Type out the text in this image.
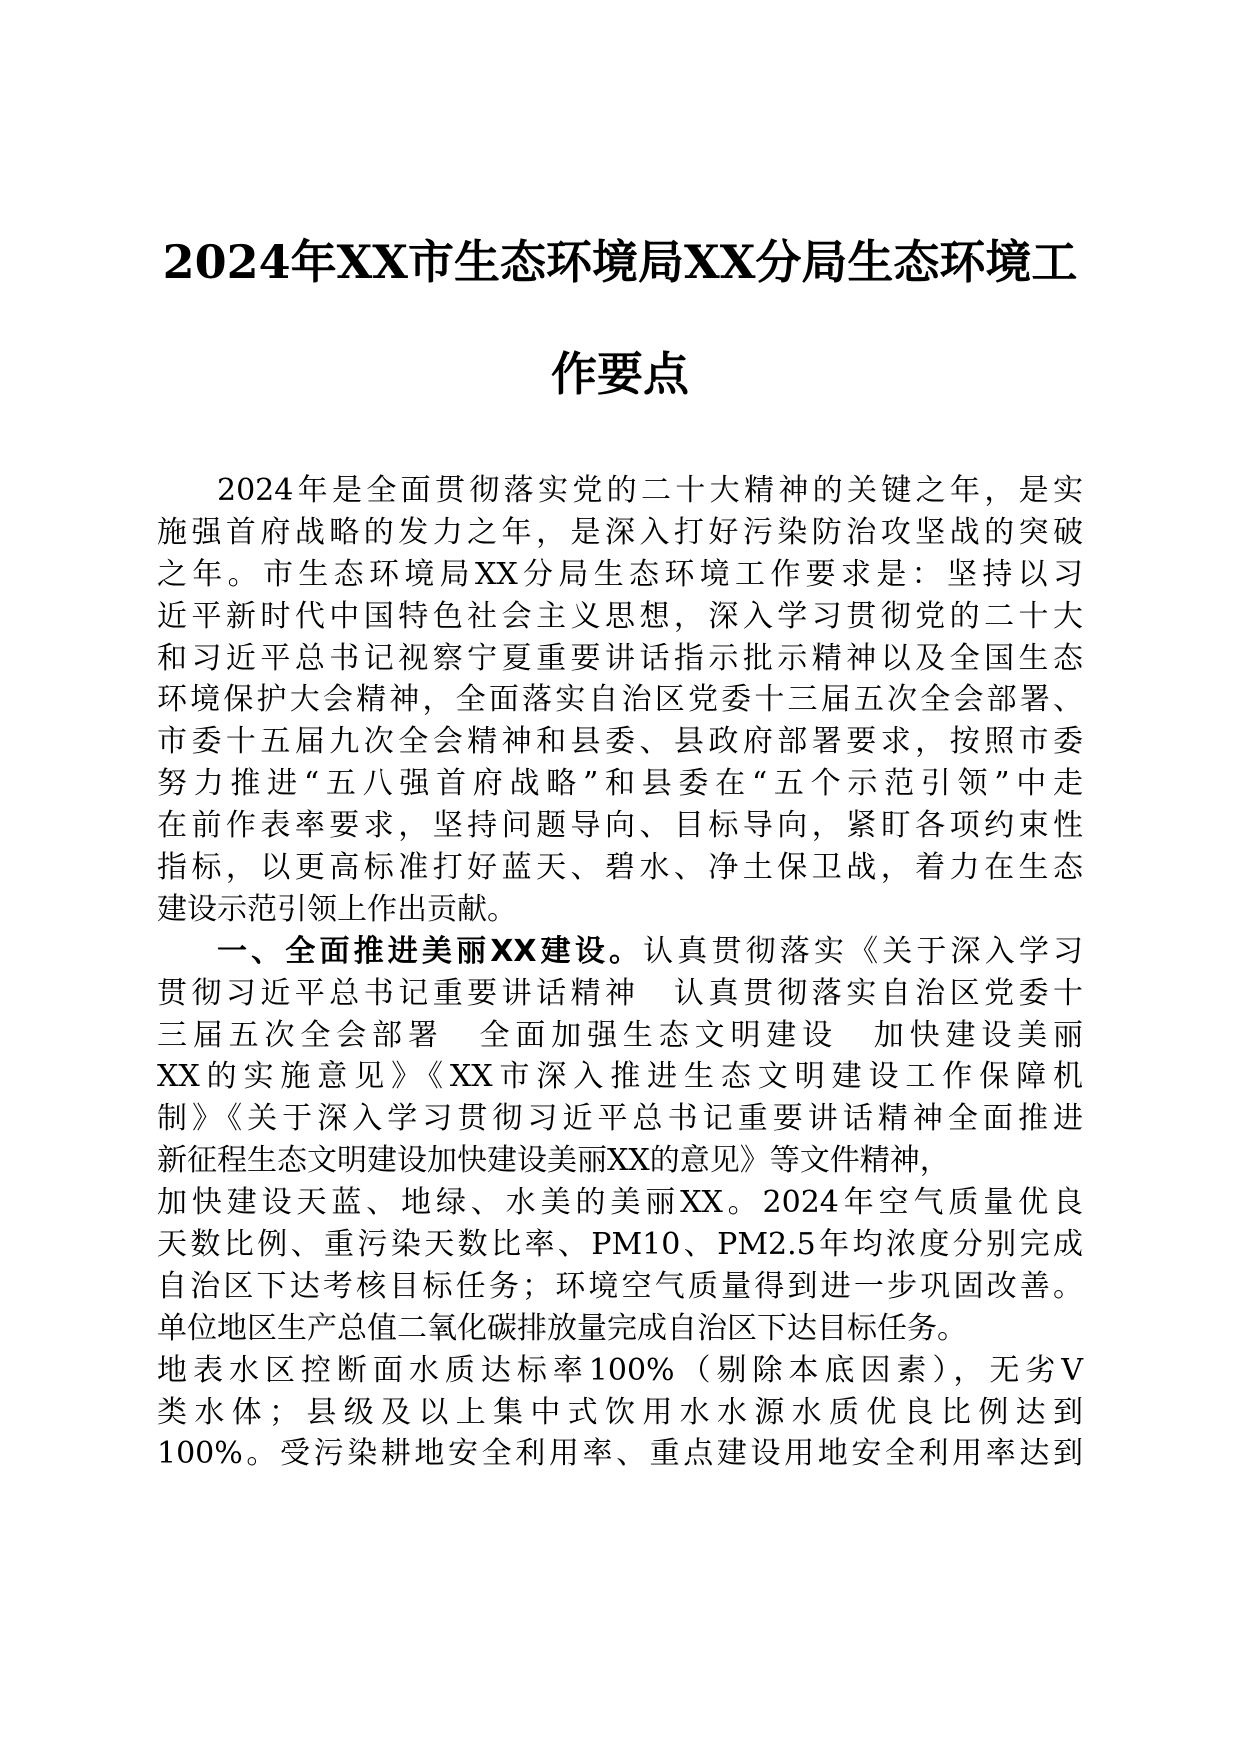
2024年XX市生态环境局XX分局生态环境工
作要点
2024年是全面贯彻落实党的二十大精神的关键之年，是实
施强首府战略的发力之年，是深入打好污染防治攻坚战的突破
之年。市生态环境局XX分局生态环境工作要求是：坚持以习
近平新时代中国特色社会主义思想，深入学习贯彻党的二十大
和习近平总书记视察宁夏重要讲话指示批示精神以及全国生态
环境保护大会精神，全面落实自治区党委十三届五次全会部署、
市委十五届九次全会精神和县委、县政府部署要求，按照市委
努力推进“五八强首府战略”和县委在“五个示范引领”中走
在前作表率要求，坚持问题导向、目标导向，紧盯各项约束性
指标，以更高标准打好蓝天、碧水、净土保卫战，着力在生态
建设示范引领上作出贡献。
一、全面推进美丽XX建设。认真贯彻落实《关于深入学习
贯彻习近平总书记重要讲话精神　认真贯彻落实自治区党委十
三届五次全会部署　全面加强生态文明建设　加快建设美丽
XX的实施意见》《XX市深入推进生态文明建设工作保障机
制》《关于深入学习贯彻习近平总书记重要讲话精神全面推进
新征程生态文明建设加快建设美丽XX的意见》等文件精神，
加快建设天蓝、地绿、水美的美丽XX。2024年空气质量优良
天数比例、重污染天数比率、PM10、PM2.5年均浓度分别完成
自治区下达考核目标任务；环境空气质量得到进一步巩固改善。
单位地区生产总值二氧化碳排放量完成自治区下达目标任务。
地表水区控断面水质达标率100%（剔除本底因素），无劣V
类水体；县级及以上集中式饮用水水源水质优良比例达到
100%。受污染耕地安全利用率、重点建设用地安全利用率达到
